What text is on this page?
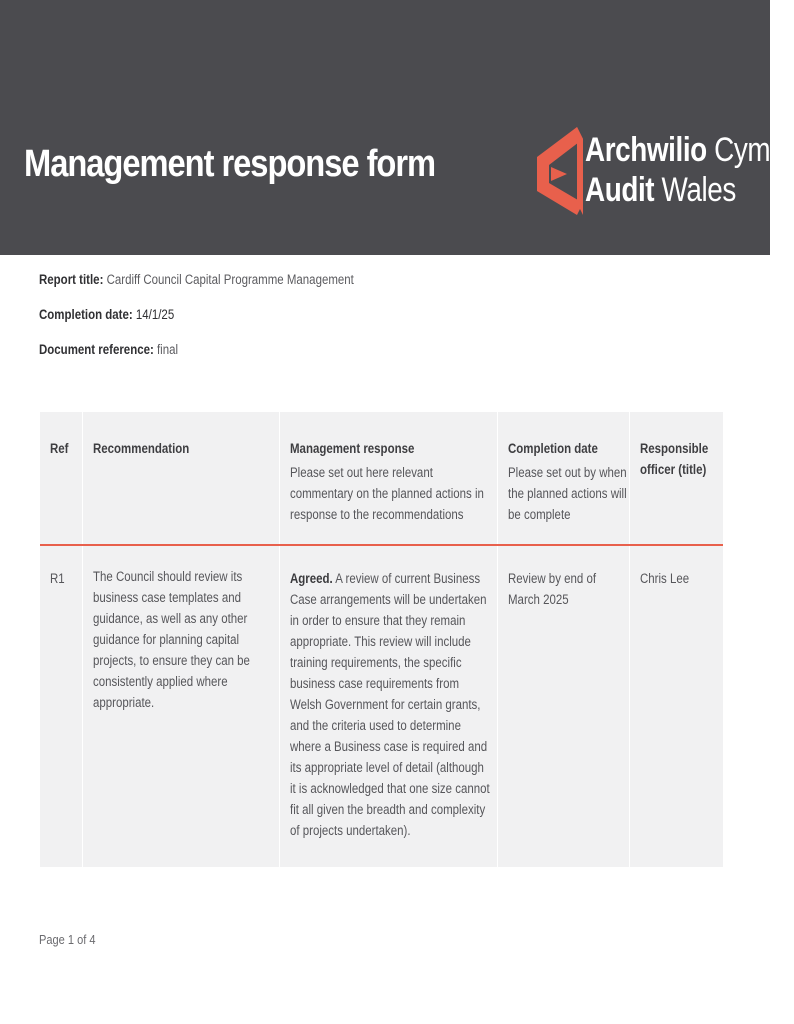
Management response form	Archwilio Cymru
Audit Wales
Report title: Cardiff Council Capital Programme Management
Completion date: 14/1/25
Document reference: final
Ref Recommendation	Management response
Please set out here relevant commentary on the planned actions in response to the recommendations
Completion date
Please set out by when the planned actions will be complete
Responsible officer (title)
R1 The Council should review its business case templates and guidance, as well as any other guidance for planning capital projects, to ensure they can be consistently applied where appropriate.
Agreed. A review of current Business Case arrangements will be undertaken in order to ensure that they remain appropriate. This review will include training requirements, the specific business case requirements from Welsh Government for certain grants, and the criteria used to determine where a Business case is required and its appropriate level of detail (although it is acknowledged that one size cannot fit all given the breadth and complexity of projects undertaken).
Review by end of March 2025
Chris Lee
Page 1 of 4
